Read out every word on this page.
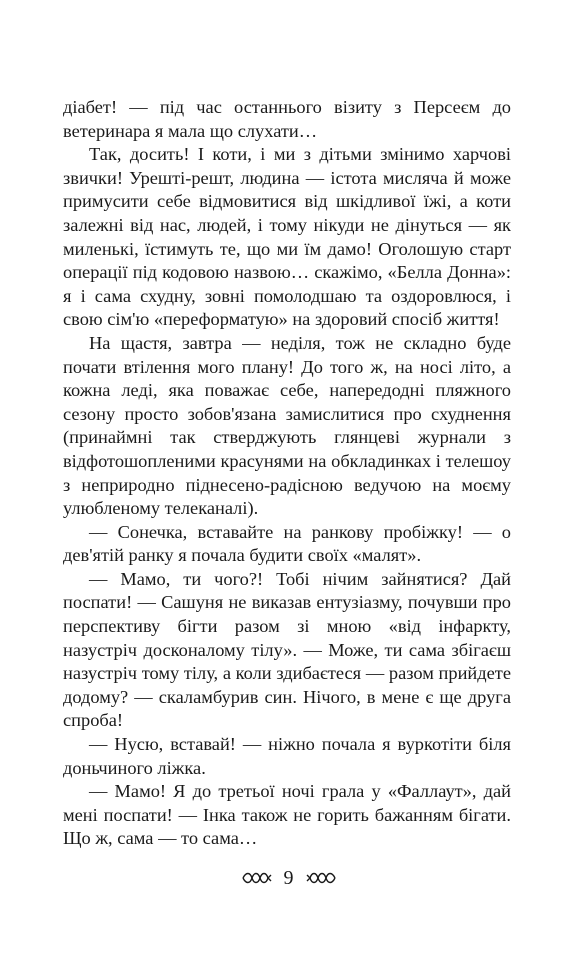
діабет! — під час останнього візиту з Персеєм до ветеринара я мала що слухати…

Так, досить! І коти, і ми з дітьми змінимо харчові звички! Урешті-решт, людина — істота мисляча й може примусити себе відмовитися від шкідливої їжі, а коти залежні від нас, людей, і тому нікуди не дінуться — як миленькі, їстимуть те, що ми їм дамо! Оголошую старт операції під кодовою назвою… скажімо, «Белла Донна»: я і сама схудну, зовні помолодшаю та оздоровлюся, і свою сім'ю «переформатую» на здоровий спосіб життя!

На щастя, завтра — неділя, тож не складно буде почати втілення мого плану! До того ж, на носі літо, а кожна леді, яка поважає себе, напередодні пляжного сезону просто зобов'язана замислитися про схуднення (принаймні так стверджують глянцеві журнали з відфотошопленими красунями на обкладинках і телешоу з неприродно піднесено-радісною ведучою на моєму улюбленому телеканалі).

— Сонечка, вставайте на ранкову пробіжку! — о дев'ятій ранку я почала будити своїх «малят».

— Мамо, ти чого?! Тобі нічим зайнятися? Дай поспати! — Сашуня не виказав ентузіазму, почувши про перспективу бігти разом зі мною «від інфаркту, назустріч досконалому тілу». — Може, ти сама збігаєш назустріч тому тілу, а коли здибаєтеся — разом прийдете додому? — скаламбурив син. Нічого, в мене є ще друга спроба!

— Нусю, вставай! — ніжно почала я вуркотіти біля доньчиного ліжка.

— Мамо! Я до третьої ночі грала у «Фаллаут», дай мені поспати! — Інка також не горить бажанням бігати. Що ж, сама — то сама…

9
